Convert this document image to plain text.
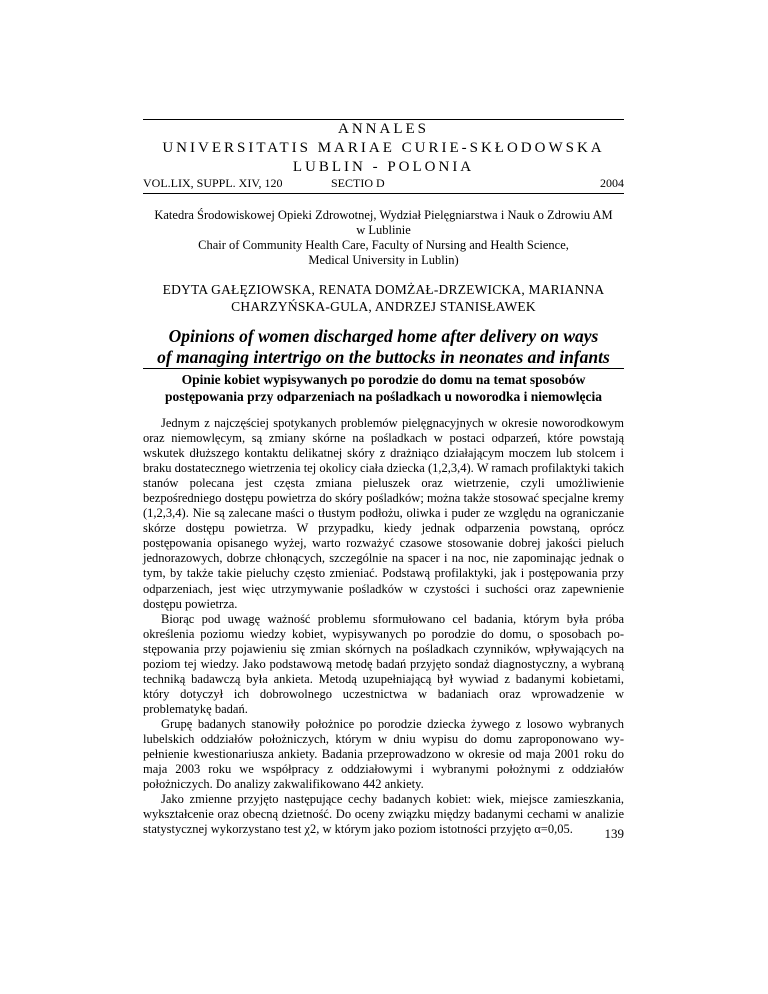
ANNALES
UNIVERSITATIS MARIAE CURIE-SKŁODOWSKA
LUBLIN - POLONIA
VOL.LIX, SUPPL. XIV, 120	SECTIO D	2004
Katedra Środowiskowej Opieki Zdrowotnej, Wydział Pielęgniarstwa i Nauk o Zdrowiu AM
w Lublinie
Chair of Community Health Care, Faculty of Nursing and Health Science,
Medical University in Lublin)
EDYTA GAŁĘZIOWSKA, RENATA DOMŻAŁ-DRZEWICKA, MARIANNA
CHARZYŃSKA-GULA, ANDRZEJ STANISŁAWEK
Opinions of women discharged home after delivery on ways
of managing intertrigo on the buttocks in neonates and infants
Opinie kobiet wypisywanych po porodzie do domu na temat sposobów
postępowania przy odparzeniach na pośladkach u noworodka i niemowlęcia

Jednym z najczęściej spotykanych problemów pielęgnacyjnych w okresie noworodkowym oraz niemowlęcym, są zmiany skórne na pośladkach w postaci odparzeń, które powstają wskutek dłuższego kontaktu delikatnej skóry z drażniąco działającym moczem lub stolcem i braku dostatecznego wietrzenia tej okolicy ciała dziecka (1,2,3,4). W ramach profilaktyki takich stanów polecana jest częsta zmiana pieluszek oraz wietrzenie, czyli umożliwienie bezpośredniego dostępu powietrza do skóry pośladków; można także stosować specjalne kremy (1,2,3,4). Nie są zalecane maści o tłustym podłożu, oliwka i puder ze względu na ograniczanie skórze dostępu powietrza. W przypadku, kiedy jednak odparzenia powstaną, oprócz postępowania opisanego wyżej, warto rozważyć czasowe stosowanie dobrej jakości pieluch jednorazowych, dobrze chłonących, szczególnie na spacer i na noc, nie zapominając jednak o tym, by także takie pieluchy często zmieniać. Podstawą profilaktyki, jak i postępowania przy odparzeniach, jest więc utrzymywanie pośladków w czystości i suchości oraz zapewnienie dostępu powietrza.

Biorąc pod uwagę ważność problemu sformułowano cel badania, którym była próba określenia poziomu wiedzy kobiet, wypisywanych po porodzie do domu, o sposobach postępowania przy pojawieniu się zmian skórnych na pośladkach czynników, wpływających na poziom tej wiedzy. Jako podstawową metodę badań przyjęto sondaż diagnostyczny, a wybraną techniką badawczą była ankieta. Metodą uzupełniającą był wywiad z badanymi kobietami, który dotyczył ich dobrowolnego uczestnictwa w badaniach oraz wprowadzenie w problematykę badań.

Grupę badanych stanowiły położnice po porodzie dziecka żywego z losowo wybranych lubelskich oddziałów położniczych, którym w dniu wypisu do domu zaproponowano wypełnienie kwestionariusza ankiety. Badania przeprowadzono w okresie od maja 2001 roku do maja 2003 roku we współpracy z oddziałowymi i wybranymi położnymi z oddziałów położniczych. Do analizy zakwalifikowano 442 ankiety.

Jako zmienne przyjęto następujące cechy badanych kobiet: wiek, miejsce zamieszkania, wykształcenie oraz obecną dzietność. Do oceny związku między badanymi cechami w analizie statystycznej wykorzystano test χ2, w którym jako poziom istotności przyjęto α=0,05.	139
